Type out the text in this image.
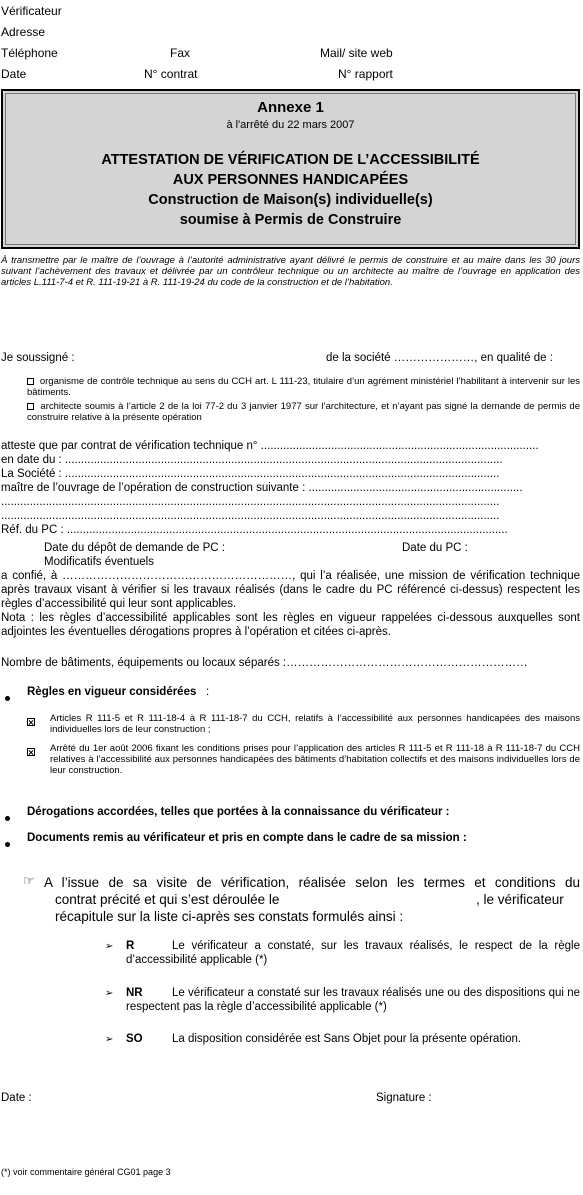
Vérificateur
Adresse
Téléphone	Fax	Mail/ site web
Date	N° contrat	N° rapport
Annexe 1
à l'arrêté du 22 mars 2007
ATTESTATION DE VÉRIFICATION DE L’ACCESSIBILITÉ
AUX PERSONNES HANDICAPÉES
Construction de Maison(s) individuelle(s)
soumise à Permis de Construire
À transmettre par le maître de l’ouvrage à l’autorité administrative ayant délivré le permis de construire et au maire dans les 30 jours suivant l’achèvement des travaux et délivrée par un contrôleur technique ou un architecte au maître de l’ouvrage en application des articles L.111-7-4 et R. 111-19-21 à R. 111-19-24 du code de la construction et de l’habitation.
Je soussigné :	de la société …………………, en qualité de :
organisme de contrôle technique au sens du CCH art. L 111-23, titulaire d’un agrément ministériel l’habilitant à intervenir sur les bâtiments.
architecte soumis à l’article 2 de la loi 77-2 du 3 janvier 1977 sur l’architecture, et n’ayant pas signé la demande de permis de construire relative à la présente opération
atteste que par contrat de vérification technique n° .......................................................................................
en date du : .........................................................................................................................................
La Société : ........................................................................................................................................
maître de l’ouvrage de l’opération de construction suivante : ...................................................................
............................................................................................................................................................
............................................................................................................................................................
Réf. du PC : ..........................................................................................................................................
Date du dépôt de demande de PC :	Date du PC :
Modificatifs éventuels
a confié, à ……………………………………………………, qui l’a réalisée, une mission de vérification technique après travaux visant à vérifier si les travaux réalisés (dans le cadre du PC référencé ci-dessus) respectent les règles d’accessibilité qui leur sont applicables.
Nota : les règles d’accessibilité applicables sont les règles en vigueur rappelées ci-dessous auxquelles sont adjointes les éventuelles dérogations propres à l’opération et citées ci-après.
Nombre de bâtiments, équipements ou locaux séparés :………………………………………………………
Règles en vigueur considérées :
Articles R 111-5 et R 111-18-4 à R 111-18-7 du CCH, relatifs à l’accessibilité aux personnes handicapées des maisons individuelles lors de leur construction ;
Arrêté du 1er août 2006 fixant les conditions prises pour l’application des articles R 111-5 et R 111-18 à R 111-18-7 du CCH relatives à l’accessibilité aux personnes handicapées des bâtiments d’habitation collectifs et des maisons individuelles lors de leur construction.
Dérogations accordées, telles que portées à la connaissance du vérificateur :
Documents remis au vérificateur et pris en compte dans le cadre de sa mission :
☞ A l’issue de sa visite de vérification, réalisée selon les termes et conditions du
contrat précité et qui s’est déroulée le	, le vérificateur
récapitule sur la liste ci-après ses constats formulés ainsi :
➢ R	Le vérificateur a constaté, sur les travaux réalisés, le respect de la règle d’accessibilité applicable (*)
➢ NR	Le vérificateur a constaté sur les travaux réalisés une ou des dispositions qui ne respectent pas la règle d’accessibilité applicable (*)
➢ SO	La disposition considérée est Sans Objet pour la présente opération.
Date :	Signature :
(*) voir commentaire général CG01 page 3
